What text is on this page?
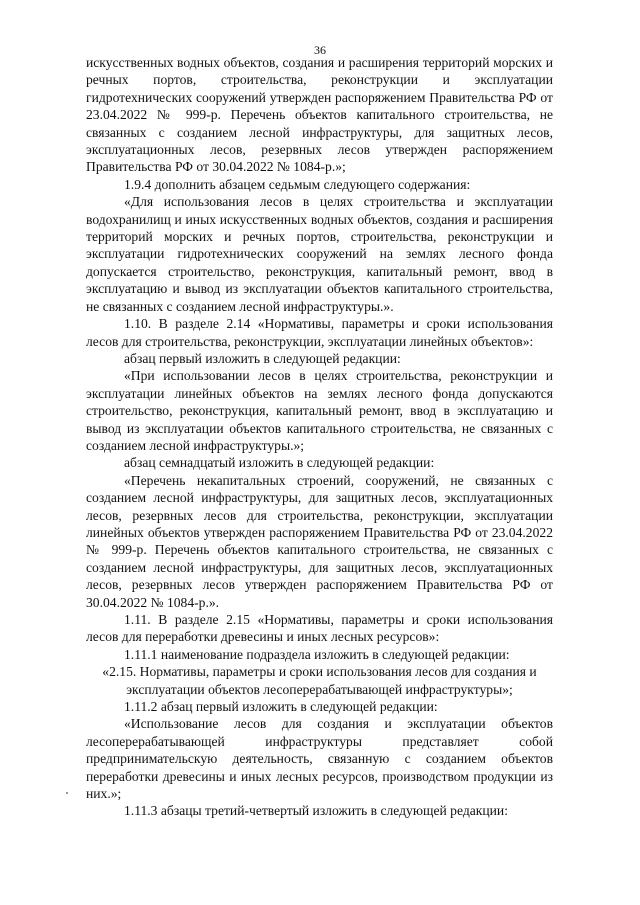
36

искусственных водных объектов, создания и расширения территорий морских и речных портов, строительства, реконструкции и эксплуатации гидротехнических сооружений утвержден распоряжением Правительства РФ от 23.04.2022 № 999-р. Перечень объектов капитального строительства, не связанных с созданием лесной инфраструктуры, для защитных лесов, эксплуатационных лесов, резервных лесов утвержден распоряжением Правительства РФ от 30.04.2022 № 1084-р.»;

1.9.4 дополнить абзацем седьмым следующего содержания:

«Для использования лесов в целях строительства и эксплуатации водохранилищ и иных искусственных водных объектов, создания и расширения территорий морских и речных портов, строительства, реконструкции и эксплуатации гидротехнических сооружений на землях лесного фонда допускается строительство, реконструкция, капитальный ремонт, ввод в эксплуатацию и вывод из эксплуатации объектов капитального строительства, не связанных с созданием лесной инфраструктуры.».

1.10. В разделе 2.14 «Нормативы, параметры и сроки использования лесов для строительства, реконструкции, эксплуатации линейных объектов»:

абзац первый изложить в следующей редакции:

«При использовании лесов в целях строительства, реконструкции и эксплуатации линейных объектов на землях лесного фонда допускаются строительство, реконструкция, капитальный ремонт, ввод в эксплуатацию и вывод из эксплуатации объектов капитального строительства, не связанных с созданием лесной инфраструктуры.»;

абзац семнадцатый изложить в следующей редакции:

«Перечень некапитальных строений, сооружений, не связанных с созданием лесной инфраструктуры, для защитных лесов, эксплуатационных лесов, резервных лесов для строительства, реконструкции, эксплуатации линейных объектов утвержден распоряжением Правительства РФ от 23.04.2022 № 999-р. Перечень объектов капитального строительства, не связанных с созданием лесной инфраструктуры, для защитных лесов, эксплуатационных лесов, резервных лесов утвержден распоряжением Правительства РФ от 30.04.2022 № 1084-р.».

1.11. В разделе 2.15 «Нормативы, параметры и сроки использования лесов для переработки древесины и иных лесных ресурсов»:

1.11.1 наименование подраздела изложить в следующей редакции:

«2.15. Нормативы, параметры и сроки использования лесов для создания и эксплуатации объектов лесоперерабатывающей инфраструктуры»;

1.11.2 абзац первый изложить в следующей редакции:

«Использование лесов для создания и эксплуатации объектов лесоперерабатывающей инфраструктуры представляет собой предпринимательскую деятельность, связанную с созданием объектов переработки древесины и иных лесных ресурсов, производством продукции из них.»;

1.11.3 абзацы третий-четвертый изложить в следующей редакции:
